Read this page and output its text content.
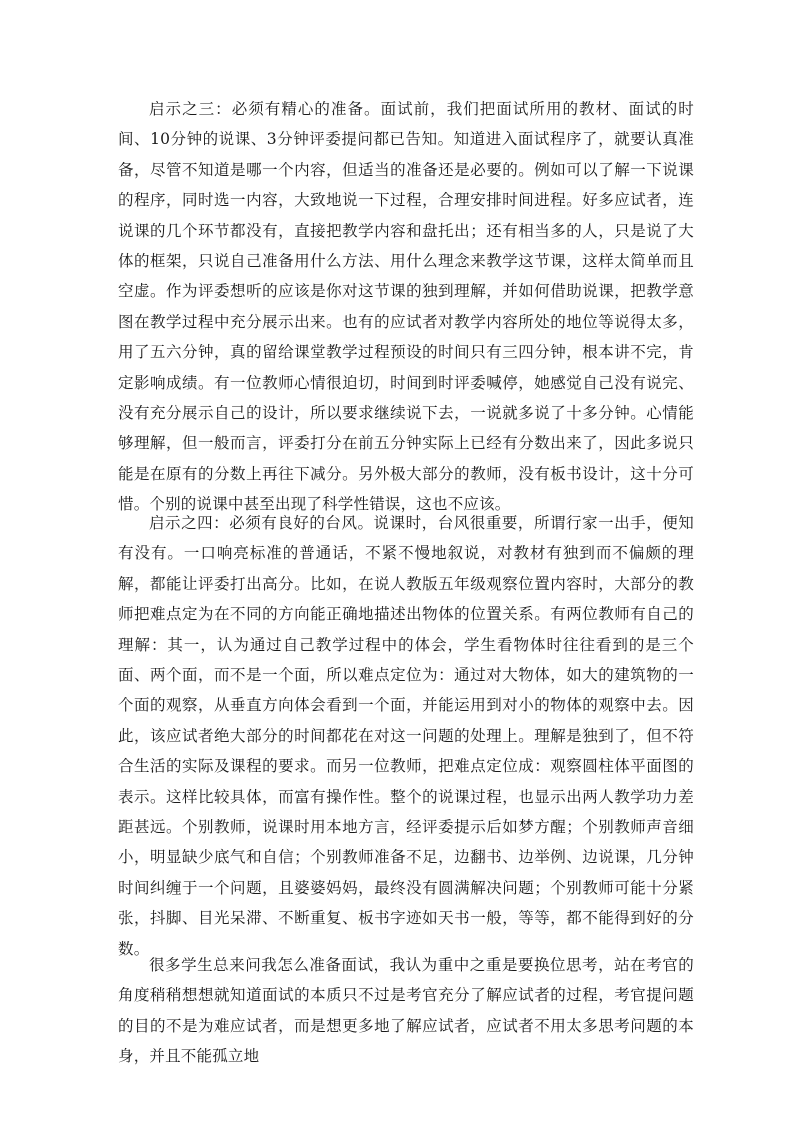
启示之三：必须有精心的准备。面试前，我们把面试所用的教材、面试的时间、10分钟的说课、3分钟评委提问都已告知。知道进入面试程序了，就要认真准备，尽管不知道是哪一个内容，但适当的准备还是必要的。例如可以了解一下说课的程序，同时选一内容，大致地说一下过程，合理安排时间进程。好多应试者，连说课的几个环节都没有，直接把教学内容和盘托出；还有相当多的人，只是说了大体的框架，只说自己准备用什么方法、用什么理念来教学这节课，这样太简单而且空虚。作为评委想听的应该是你对这节课的独到理解，并如何借助说课，把教学意图在教学过程中充分展示出来。也有的应试者对教学内容所处的地位等说得太多，用了五六分钟，真的留给课堂教学过程预设的时间只有三四分钟，根本讲不完，肯定影响成绩。有一位教师心情很迫切，时间到时评委喊停，她感觉自己没有说完、没有充分展示自己的设计，所以要求继续说下去，一说就多说了十多分钟。心情能够理解，但一般而言，评委打分在前五分钟实际上已经有分数出来了，因此多说只能是在原有的分数上再往下减分。另外极大部分的教师，没有板书设计，这十分可惜。个别的说课中甚至出现了科学性错误，这也不应该。

启示之四：必须有良好的台风。说课时，台风很重要，所谓行家一出手，便知有没有。一口响亮标准的普通话，不紧不慢地叙说，对教材有独到而不偏颇的理解，都能让评委打出高分。比如，在说人教版五年级观察位置内容时，大部分的教师把难点定为在不同的方向能正确地描述出物体的位置关系。有两位教师有自己的理解：其一，认为通过自己教学过程中的体会，学生看物体时往往看到的是三个面、两个面，而不是一个面，所以难点定位为：通过对大物体，如大的建筑物的一个面的观察，从垂直方向体会看到一个面，并能运用到对小的物体的观察中去。因此，该应试者绝大部分的时间都花在对这一问题的处理上。理解是独到了，但不符合生活的实际及课程的要求。而另一位教师，把难点定位成：观察圆柱体平面图的表示。这样比较具体，而富有操作性。整个的说课过程，也显示出两人教学功力差距甚远。个别教师，说课时用本地方言，经评委提示后如梦方醒；个别教师声音细小，明显缺少底气和自信；个别教师准备不足，边翻书、边举例、边说课，几分钟时间纠缠于一个问题，且婆婆妈妈，最终没有圆满解决问题；个别教师可能十分紧张，抖脚、目光呆滞、不断重复、板书字迹如天书一般，等等，都不能得到好的分数。

很多学生总来问我怎么准备面试，我认为重中之重是要换位思考，站在考官的角度稍稍想想就知道面试的本质只不过是考官充分了解应试者的过程，考官提问题的目的不是为难应试者，而是想更多地了解应试者，应试者不用太多思考问题的本身，并且不能孤立地
